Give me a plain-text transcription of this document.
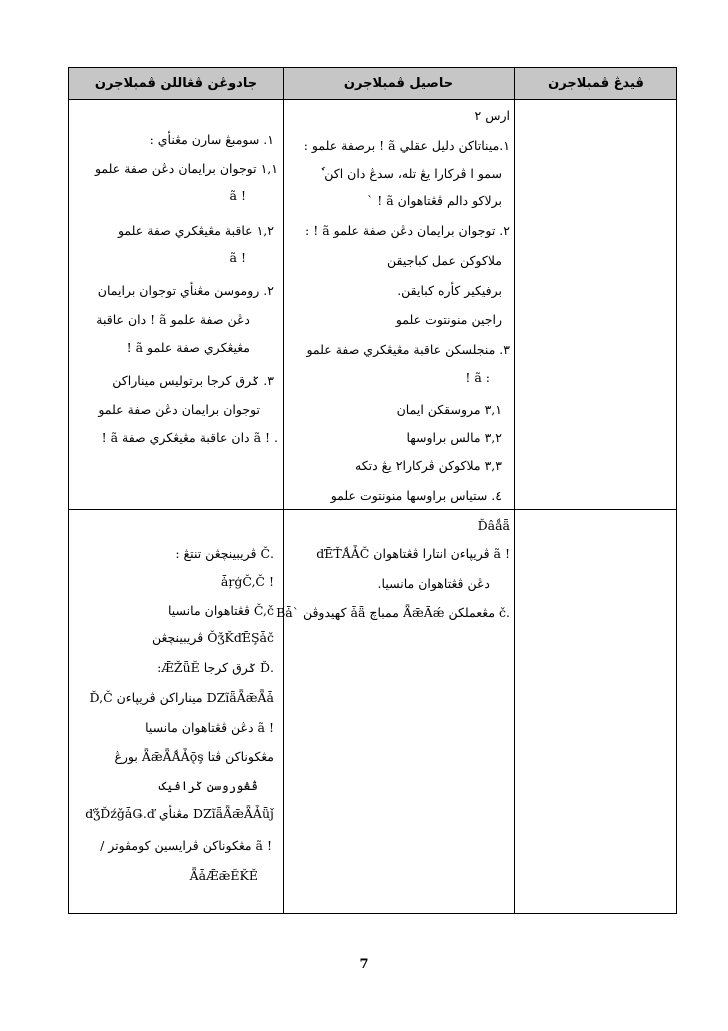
جادوڠن ڤڠاللن ڤمبلاجرن	حاصيل ڤمبلاجرن	ڤيدڠ ڤمبلاجرن
ارس ٢
١.ميناتاکن دليل عقلي ã ! برصفة علمو :
سمو ا ڤرکارا يڠ تله، سدڠ دان اکن ٗ
برلاکو دالم ڤڠتاهوان ã ! `
٢. توجوان برايمان دڠن صفة علمو ã ! :
ملاکوکن عمل کباجيقن
برفيکير کأره کبايقن.
راجين منونتوت علمو
٣. منجلسکن عاقبة مڠيڠکري صفة علمو
: ã !
٣,١ مروسقکن ايمان
٣,٢ مالس براوسها
٣,٣ ملاکوکن ڤرکارا٢ يڠ دتکه
٤. ستياس براوسها منونتوت علمو
١. سومبڠ سارن مڠنأي :
١,١ توجوان برايمان دڠن صفة علمو
! ã
١,٢ عاقبة مڠيڠکري صفة علمو
! ã
٢. روموسن مڠنأي توجوان برايمان
دڠن صفة علمو ã ! دان عاقبة
مڠيڠکري صفة علمو ã !
٣. ݢرق کرجا برتوليس ميناراکن
توجوان برايمان دڠن صفة علمو
. ! ã دان عاقبة مڠيڠکري صفة ã !
Ďâǻǟ
! ã ڤريڽاءن انتارا ڤڠتاهوان ďĒŤǺǠČ
دڠن ڤڠتاهوان مانسيا.
.č مڠعملکن ǞǣĀǽ ممباچ ǡǟ کهيدوڤن `Bǡ
.Č ڤريبينچڠن تنتڠ :
! ǡŗģČ,Č
Č,č ڤڠتاهوان مانسيا
ǑǯǨďĒŞǡč ڤريبينچڠن
.Ď ݢرق کرجا ǢŽǖĔ:
ǱĩǟǞǣǞǡ ميناراکن ڤريڽاءن Ď,Č
! ã دڠن ڤڠتاهوان مانسيا
مڠکوناکن ڤتا ǞǣǞǺǠǭş بورڠ
ڤڠوروسن ݢرافيک
ǱĩǟǞǣǞǠǖǰ مڠنأي ďǯĎźǧǡǤ.ď
! ã مڠکوناکن ڤرايسين کومڤوتر /
ǞǡǢǣĔǨĚ
7
